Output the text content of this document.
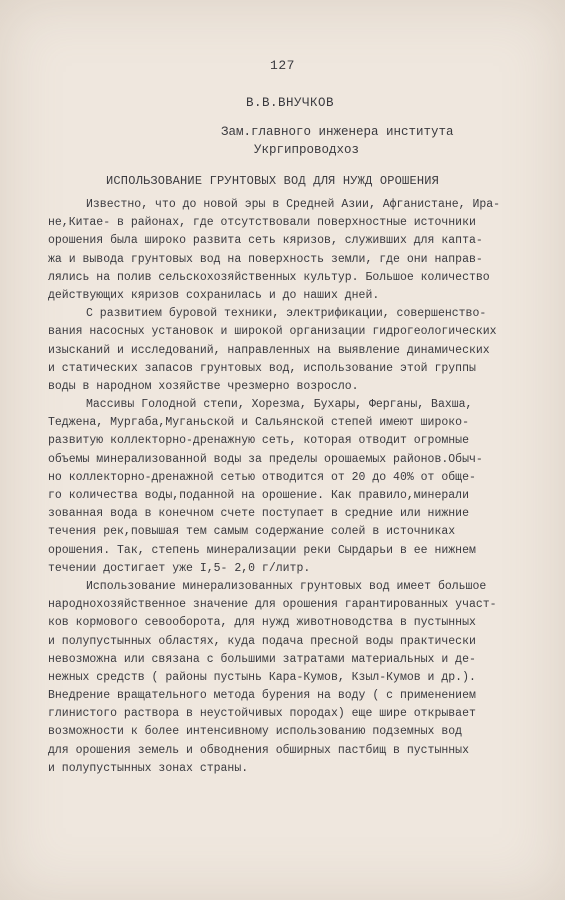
127
В.В.ВНУЧКОВ
Зам.главного инженера института
Укргипроводхоз
ИСПОЛЬЗОВАНИЕ ГРУНТОВЫХ ВОД ДЛЯ НУЖД ОРОШЕНИЯ
Известно, что до новой эры в Средней Азии, Афганистане, Ира-
не,Китае- в районах, где отсутствовали поверхностные источники
орошения была широко развита сеть кяризов, служивших для капта-
жа и вывода грунтовых вод на поверхность земли, где они направ-
лялись на полив сельскохозяйственных культур. Большое количество
действующих кяризов сохранилась и до наших дней.
С развитием буровой техники, электрификации, совершенство-
вания насосных установок и широкой организации гидрогеологических
изысканий и исследований, направленных на выявление динамических
и статических запасов грунтовых вод, использование этой группы
воды в народном хозяйстве чрезмерно возросло.
Массивы Голодной степи, Хорезма, Бухары, Ферганы, Вахша,
Теджена, Мургаба,Муганьской и Сальянской степей имеют широко-
развитую коллекторно-дренажную сеть, которая отводит огромные
объемы минерализованной воды за пределы орошаемых районов.Обыч-
но коллекторно-дренажной сетью отводится от 20 до 40% от обще-
го количества воды,поданной на орошение. Как правило,минерали
зованная вода в конечном счете поступает в средние или нижние
течения рек,повышая тем самым содержание солей в источниках
орошения. Так, степень минерализации реки Сырдарьи в ее нижнем
течении достигает уже I,5- 2,0 г/литр.
Использование минерализованных грунтовых вод имеет большое
народнохозяйственное значение для орошения гарантированных участ-
ков кормового севооборота, для нужд животноводства в пустынных
и полупустынных областях, куда подача пресной воды практически
невозможна или связана с большими затратами материальных и де-
нежных средств ( районы пустынь Кара-Кумов, Кзыл-Кумов и др.).
Внедрение вращательного метода бурения на воду ( с применением
глинистого раствора в неустойчивых породах) еще шире открывает
возможности к более интенсивному использованию подземных вод
для орошения земель и обводнения обширных пастбищ в пустынных
и полупустынных зонах страны.
